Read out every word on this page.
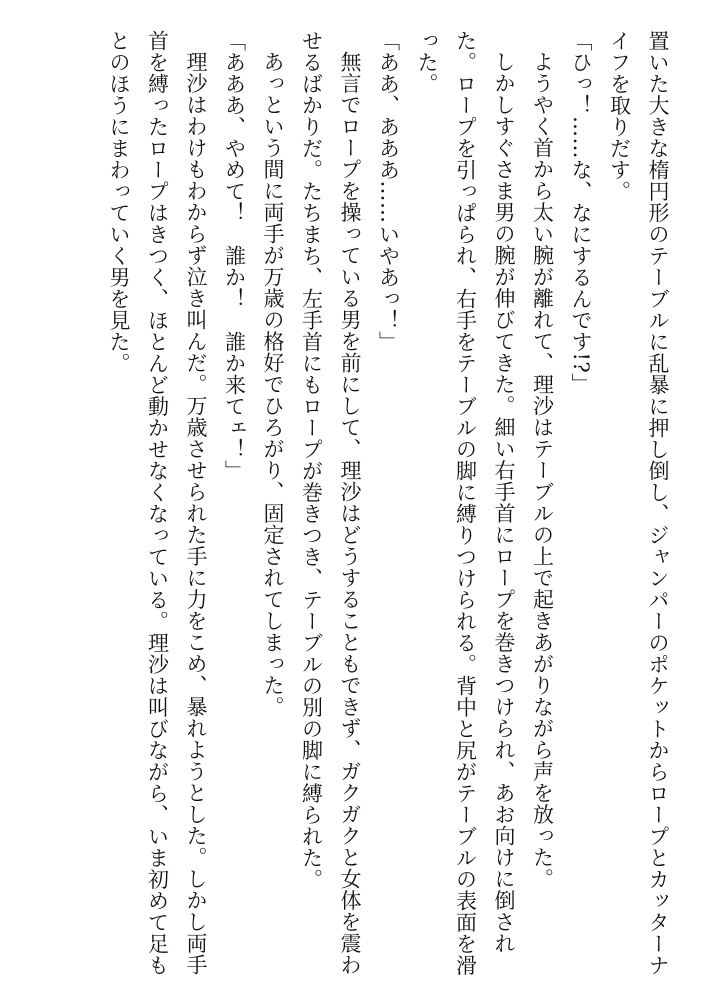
置いた大きな楕円形のテーブルに乱暴に押し倒し、ジャンパーのポケットからロープとカッターナイフを取りだす。

「ひっ！……な、なにするんです!?」

ようやく首から太い腕が離れて、理沙はテーブルの上で起きあがりながら声を放った。

しかしすぐさま男の腕が伸びてきた。細い右手首にロープを巻きつけられ、あお向けに倒された。ロープを引っぱられ、右手をテーブルの脚に縛りつけられる。背中と尻がテーブルの表面を滑った。

「ああ、あああ……いやあっ！」

無言でロープを操っている男を前にして、理沙はどうすることもできず、ガクガクと女体を震わせるばかりだ。たちまち、左手首にもロープが巻きつき、テーブルの別の脚に縛られた。

あっという間に両手が万歳の格好でひろがり、固定されてしまった。

「あああ、やめて！　誰か！　誰か来てェ！」

理沙はわけもわからず泣き叫んだ。万歳させられた手に力をこめ、暴れようとした。しかし両手首を縛ったロープはきつく、ほとんど動かせなくなっている。理沙は叫びながら、いま初めて足もとのほうにまわっていく男を見た。
